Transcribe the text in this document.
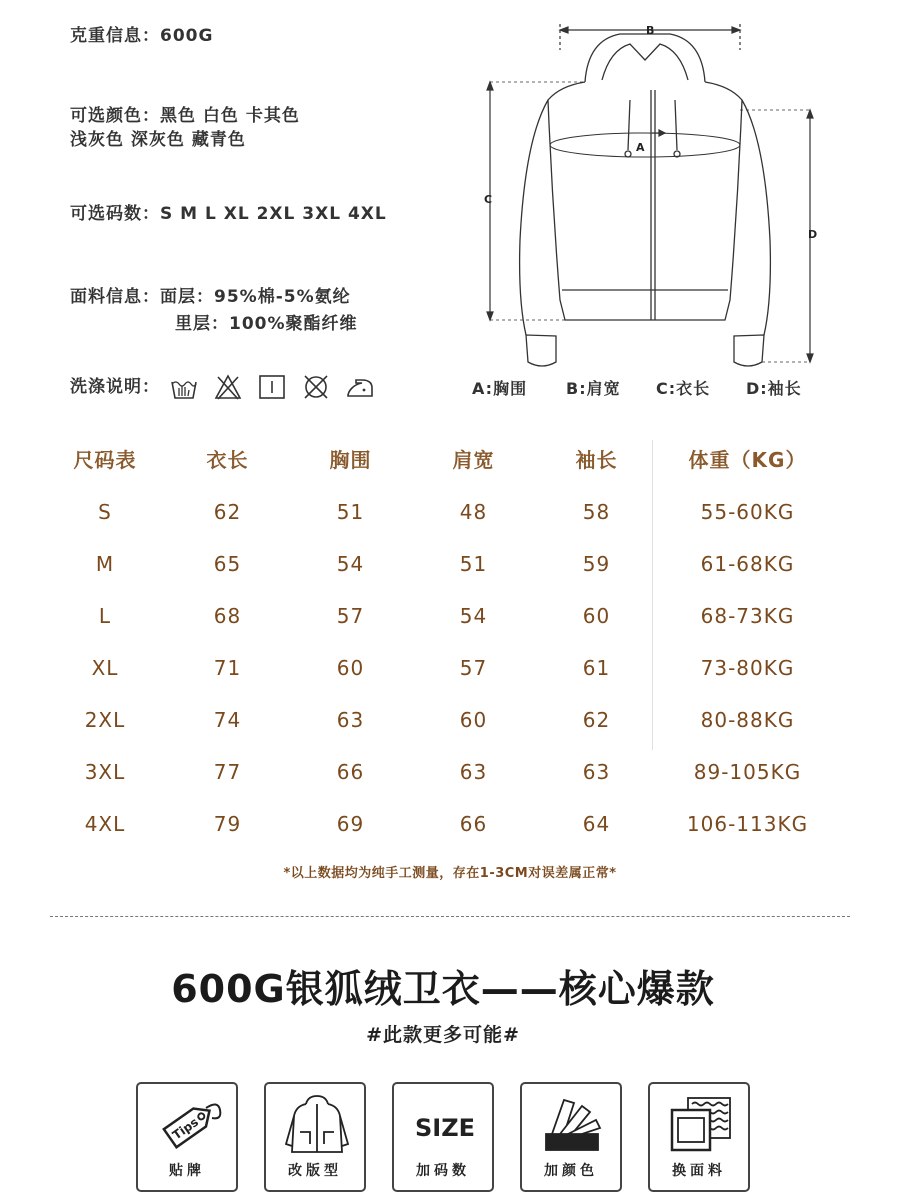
克重信息：600G
可选颜色：黑色 白色 卡其色
浅灰色 深灰色 藏青色
可选码数：S M L XL 2XL 3XL 4XL
面料信息：面层：95%棉-5%氨纶
里层：100%聚酯纤维
洗涤说明：
B
A
C
D
A:胸围 B:肩宽 C:衣长 D:袖长
尺码表	衣长	胸围	肩宽	袖长	体重（KG）
S	62	51	48	58	55-60KG
M	65	54	51	59	61-68KG
L	68	57	54	60	68-73KG
XL	71	60	57	61	73-80KG
2XL	74	63	60	62	80-88KG
3XL	77	66	63	63	89-105KG
4XL	79	69	66	64	106-113KG
*以上数据均为纯手工测量，存在1-3CM对误差属正常*
600G银狐绒卫衣——核心爆款
#此款更多可能#
Tips
贴牌	改版型
SIZE
加码数	加颜色	换面料
